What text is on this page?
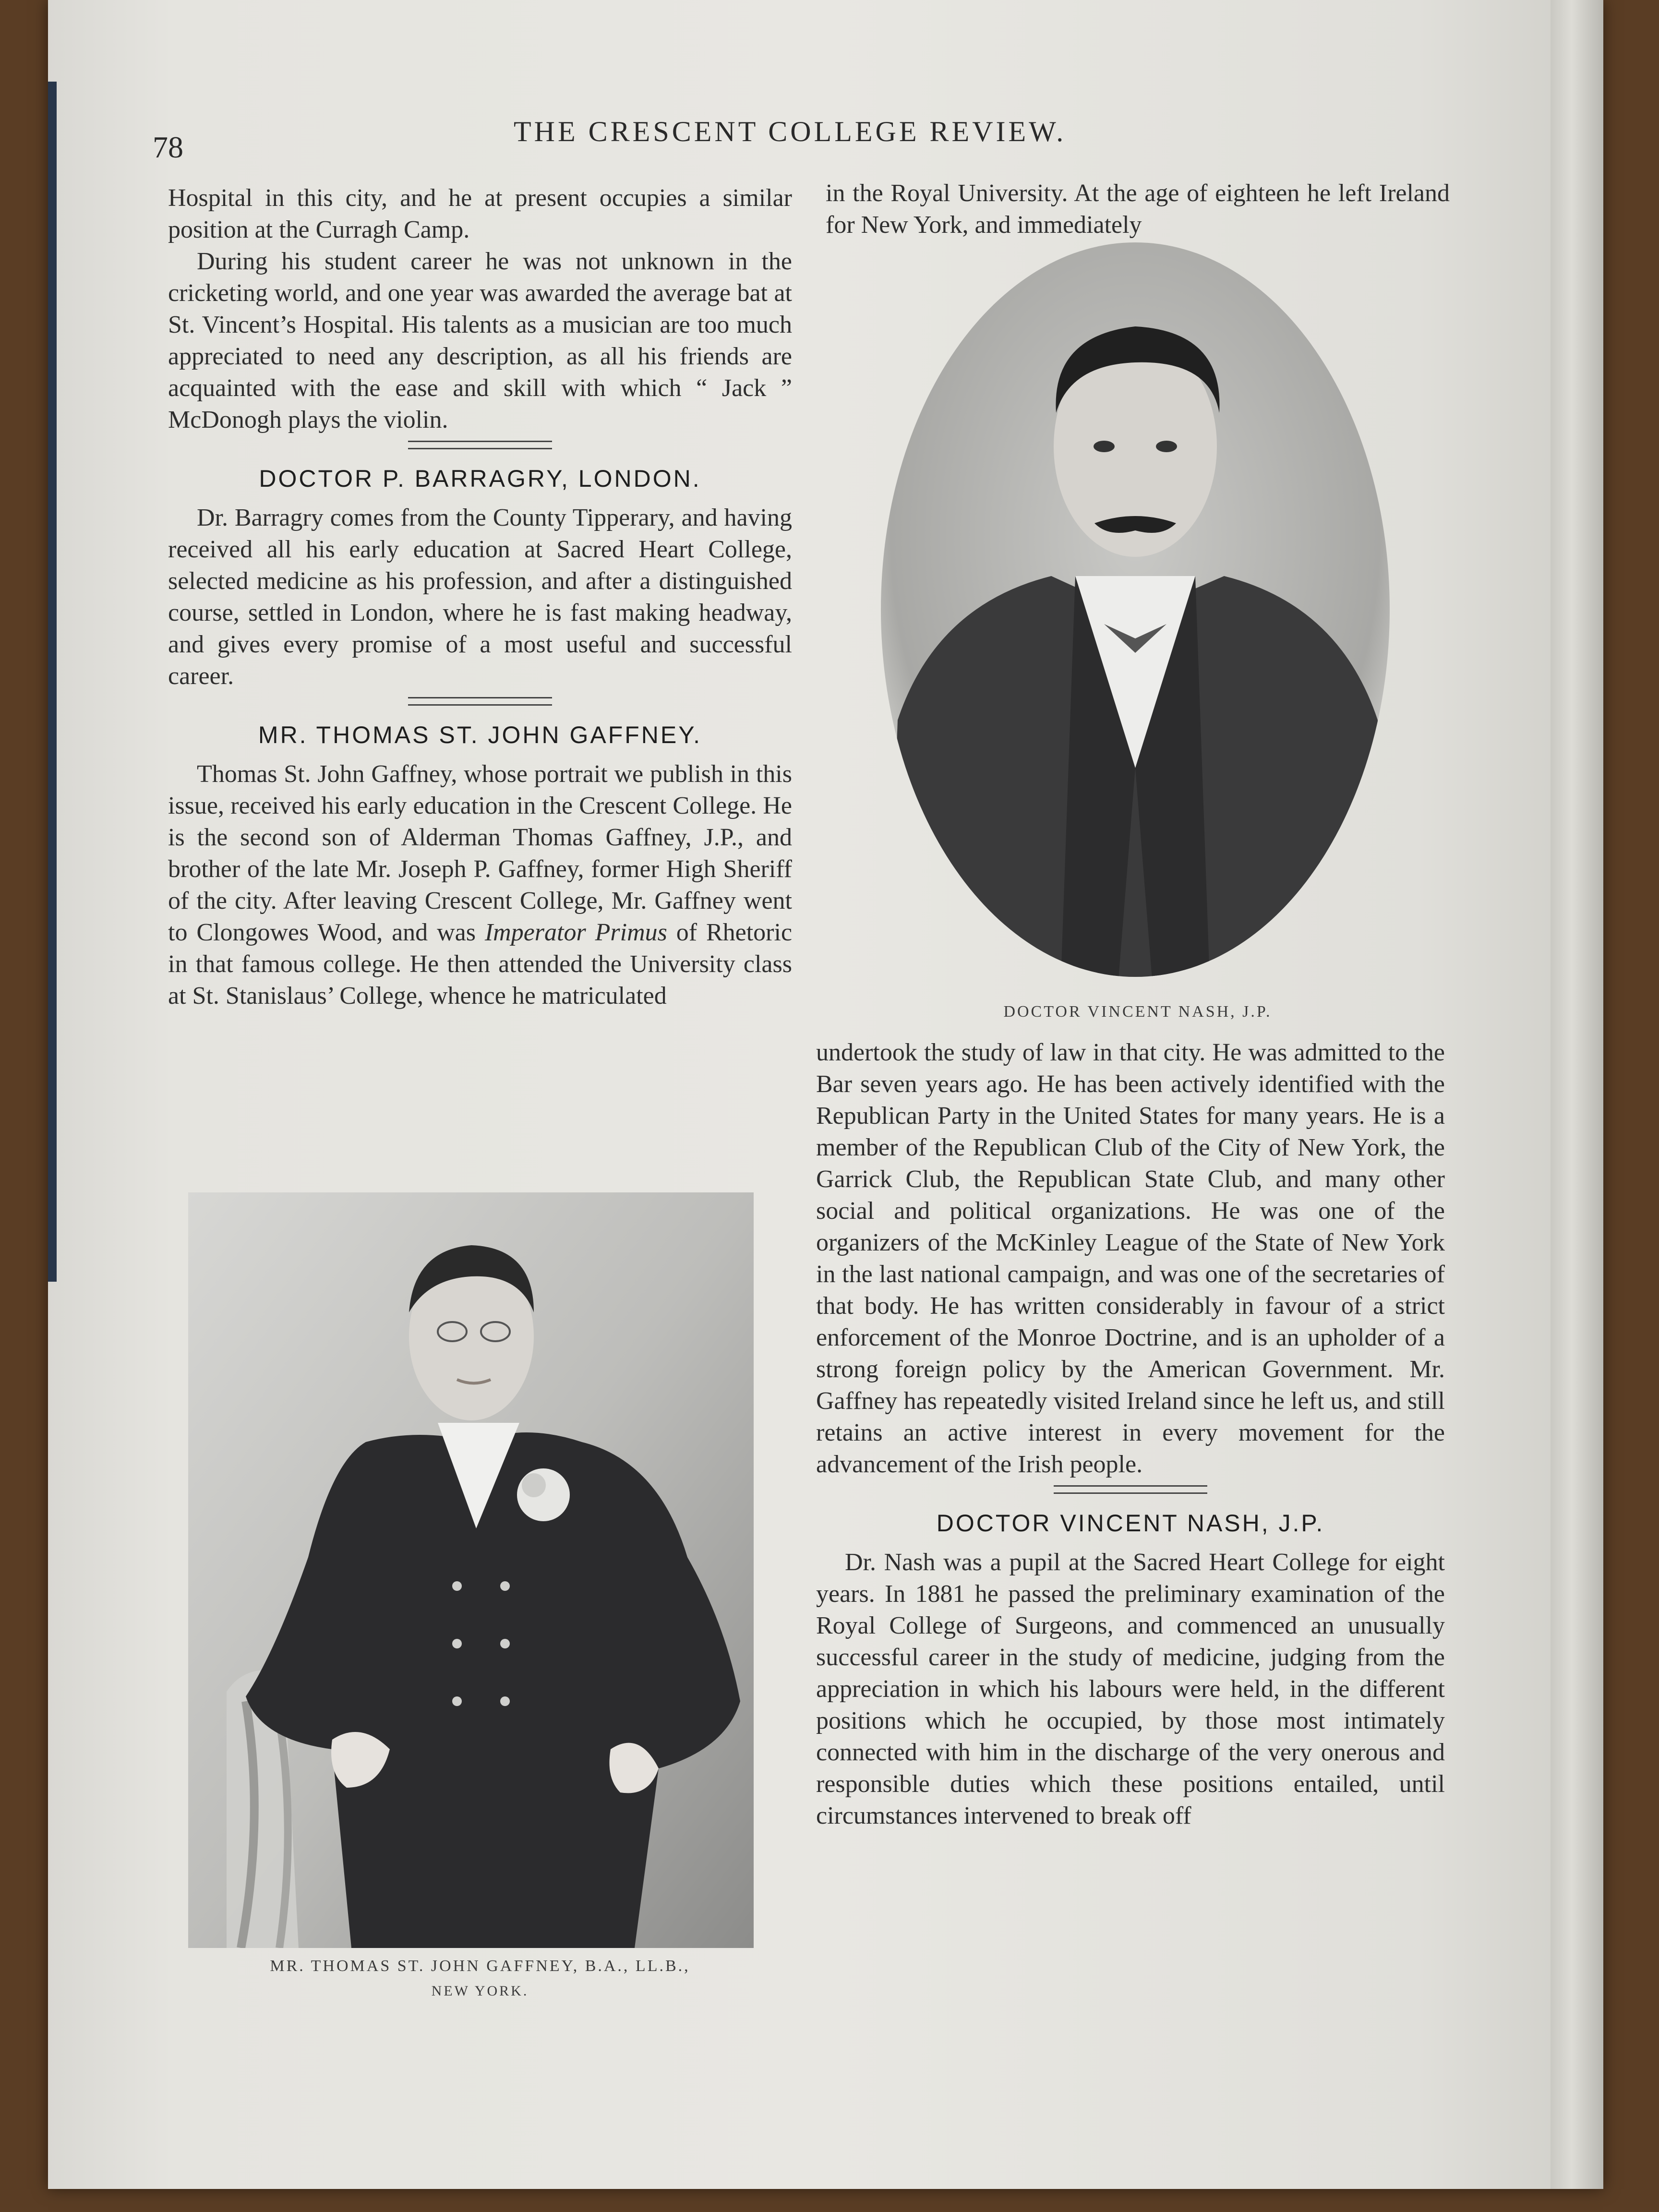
78	THE CRESCENT COLLEGE REVIEW.

Hospital in this city, and he at present occupies a similar position at the Curragh Camp.

During his student career he was not unknown in the cricketing world, and one year was awarded the average bat at St. Vincent’s Hospital. His talents as a musician are too much appreciated to need any description, as all his friends are acquainted with the ease and skill with which “ Jack ” McDonogh plays the violin.

DOCTOR P. BARRAGRY, LONDON.

Dr. Barragry comes from the County Tipperary, and having received all his early education at Sacred Heart College, selected medicine as his profession, and after a distinguished course, settled in London, where he is fast making headway, and gives every promise of a most useful and successful career.

MR. THOMAS ST. JOHN GAFFNEY.

Thomas St. John Gaffney, whose portrait we publish in this issue, received his early education in the Crescent College. He is the second son of Alderman Thomas Gaffney, J.P., and brother of the late Mr. Joseph P. Gaffney, former High Sheriff of the city. After leaving Crescent College, Mr. Gaffney went to Clongowes Wood, and was Imperator Primus of Rhetoric in that famous college. He then attended the University class at St. Stanislaus’ College, whence he matriculated

MR. THOMAS ST. JOHN GAFFNEY, B.A., LL.B.,
NEW YORK.

in the Royal University. At the age of eighteen he left Ireland for New York, and immediately

DOCTOR VINCENT NASH, J.P.

undertook the study of law in that city. He was admitted to the Bar seven years ago. He has been actively identified with the Republican Party in the United States for many years. He is a member of the Republican Club of the City of New York, the Garrick Club, the Republican State Club, and many other social and political organizations. He was one of the organizers of the McKinley League of the State of New York in the last national campaign, and was one of the secretaries of that body. He has written considerably in favour of a strict enforcement of the Monroe Doctrine, and is an upholder of a strong foreign policy by the American Government. Mr. Gaffney has repeatedly visited Ireland since he left us, and still retains an active interest in every movement for the advancement of the Irish people.

DOCTOR VINCENT NASH, J.P.

Dr. Nash was a pupil at the Sacred Heart College for eight years. In 1881 he passed the preliminary examination of the Royal College of Surgeons, and commenced an unusually successful career in the study of medicine, judging from the appreciation in which his labours were held, in the different positions which he occupied, by those most intimately connected with him in the discharge of the very onerous and responsible duties which these positions entailed, until circumstances intervened to break off
